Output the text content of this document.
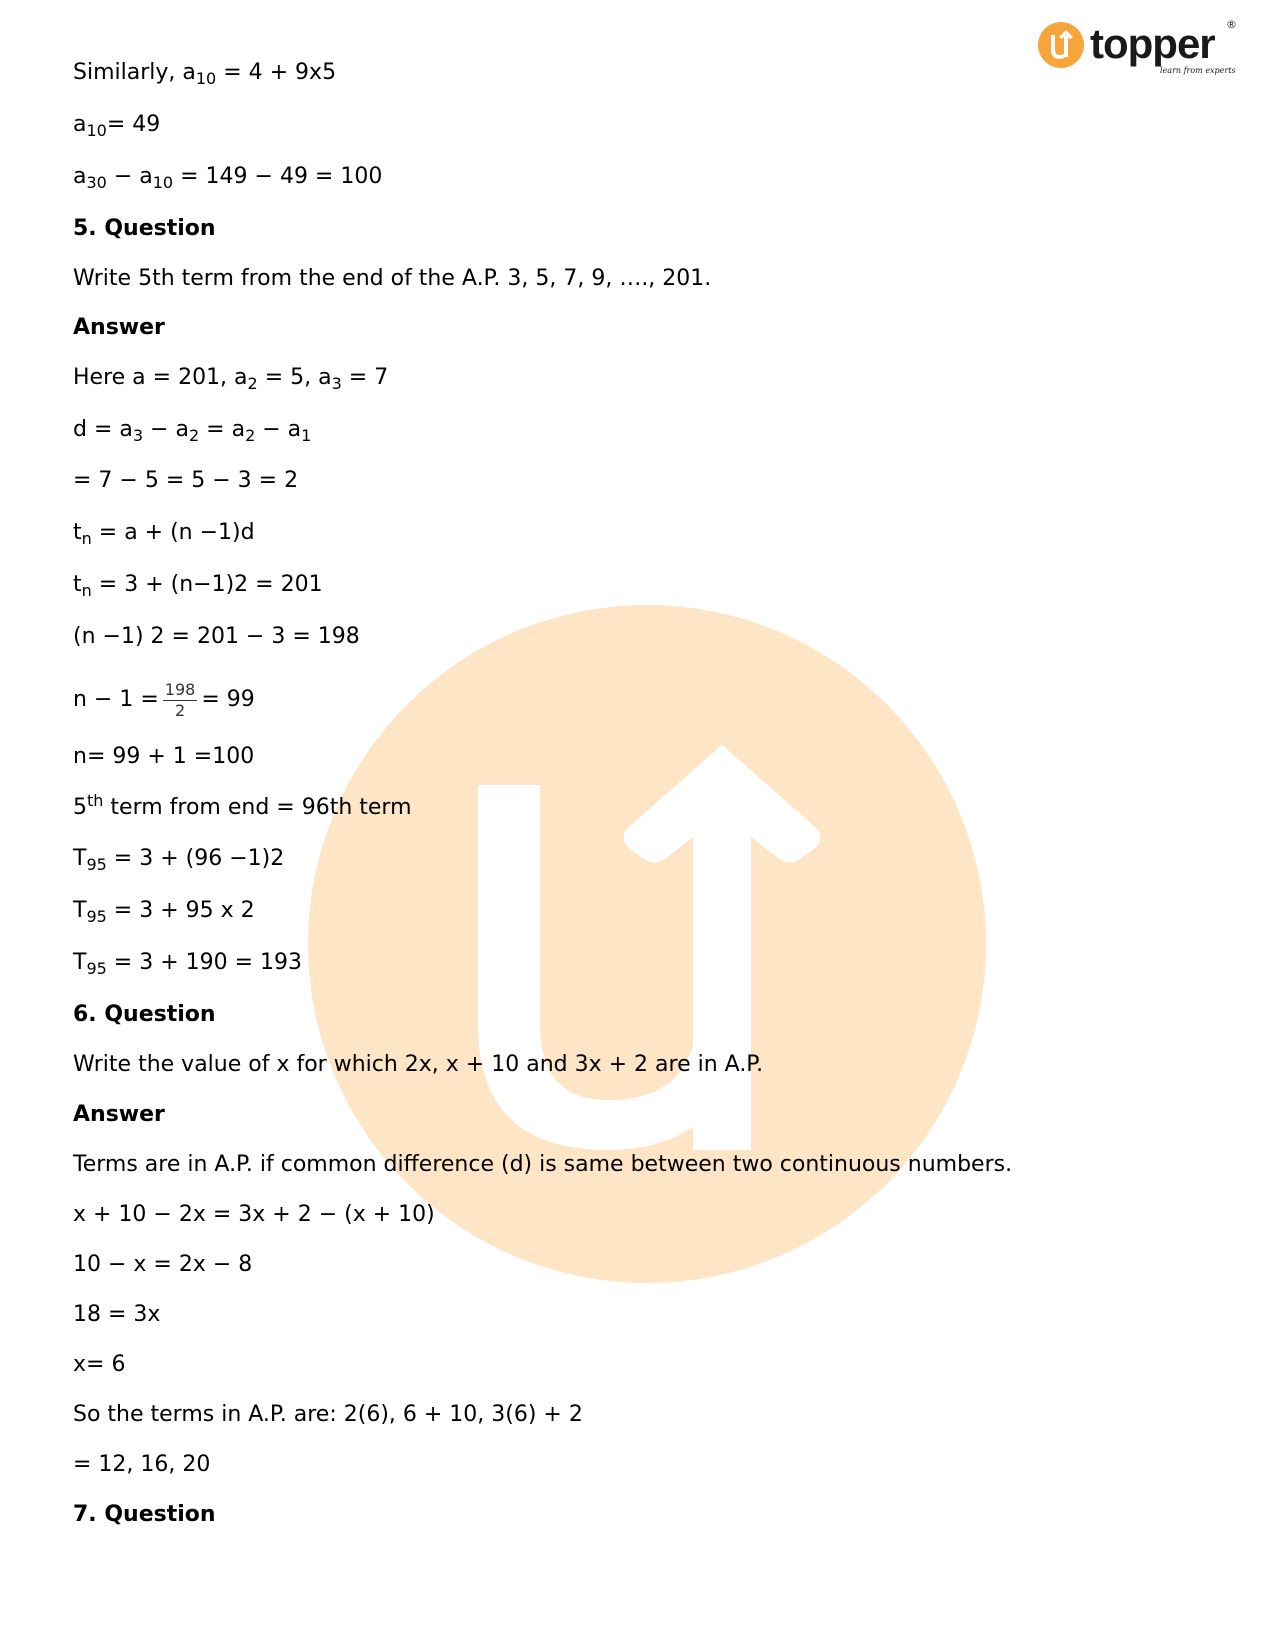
topper ®
learn from experts
Similarly, $a_{10} = 4 + 9x5$
$a_{10}= 49$
$a_{30} - a_{10} = 149 - 49 = 100$
5. Question
Write 5th term from the end of the A.P. 3, 5, 7, 9, …., 201.
Answer
Here a = 201, $a_2 = 5$, $a_3 = 7$
$d = a_3 - a_2 = a_2 - a_1$
= 7 − 5 = 5 − 3 = 2
$t_n = a + (n -1)d$
$t_n = 3 + (n-1)2 = 201$
(n −1) 2 = 201 − 3 = 198
$n - 1 = \frac{198}{2} = 99$
n= 99 + 1 =100
5th term from end = 96th term
$T_{95} = 3 + (96 -1)2$
$T_{95} = 3 + 95$ x 2
$T_{95} = 3 + 190 = 193$
6. Question
Write the value of x for which 2x, x + 10 and 3x + 2 are in A.P.
Answer
Terms are in A.P. if common difference (d) is same between two continuous numbers.
x + 10 − 2x = 3x + 2 − (x + 10)
10 − x = 2x − 8
18 = 3x
x= 6
So the terms in A.P. are: 2(6), 6 + 10, 3(6) + 2
= 12, 16, 20
7. Question
